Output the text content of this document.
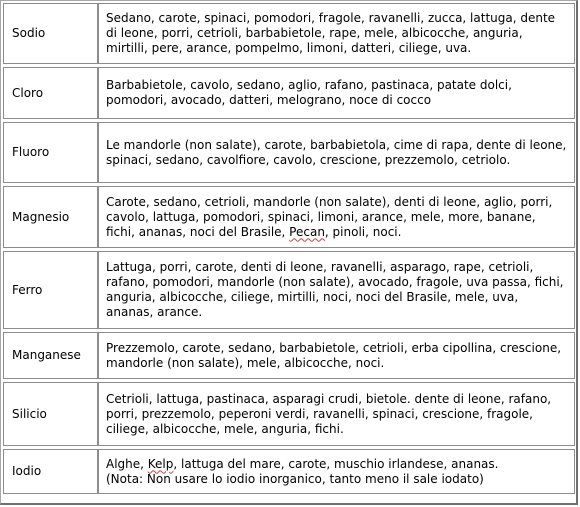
Sodio	Sedano, carote, spinaci, pomodori, fragole, ravanelli, zucca, lattuga, dente di leone, porri, cetrioli, barbabietole, rape, mele, albicocche, anguria, mirtilli, pere, arance, pompelmo, limoni, datteri, ciliege, uva.

Cloro	Barbabietole, cavolo, sedano, aglio, rafano, pastinaca, patate dolci, pomodori, avocado, datteri, melograno, noce di cocco

Fluoro	Le mandorle (non salate), carote, barbabietola, cime di rapa, dente di leone, spinaci, sedano, cavolfiore, cavolo, crescione, prezzemolo, cetriolo.

Magnesio	Carote, sedano, cetrioli, mandorle (non salate), denti di leone, aglio, porri, cavolo, lattuga, pomodori, spinaci, limoni, arance, mele, more, banane, fichi, ananas, noci del Brasile, Pecan, pinoli, noci.

Ferro	Lattuga, porri, carote, denti di leone, ravanelli, asparago, rape, cetrioli, rafano, pomodori, mandorle (non salate), avocado, fragole, uva passa, fichi, anguria, albicocche, ciliege, mirtilli, noci, noci del Brasile, mele, uva, ananas, arance.

Manganese	Prezzemolo, carote, sedano, barbabietole, cetrioli, erba cipollina, crescione, mandorle (non salate), mele, albicocche, noci.

Silicio	Cetrioli, lattuga, pastinaca, asparagi crudi, bietole. dente di leone, rafano, porri, prezzemolo, peperoni verdi, ravanelli, spinaci, crescione, fragole, ciliege, albicocche, mele, anguria, fichi.

Iodio	Alghe, Kelp, lattuga del mare, carote, muschio irlandese, ananas.
(Nota: Non usare lo iodio inorganico, tanto meno il sale iodato)
